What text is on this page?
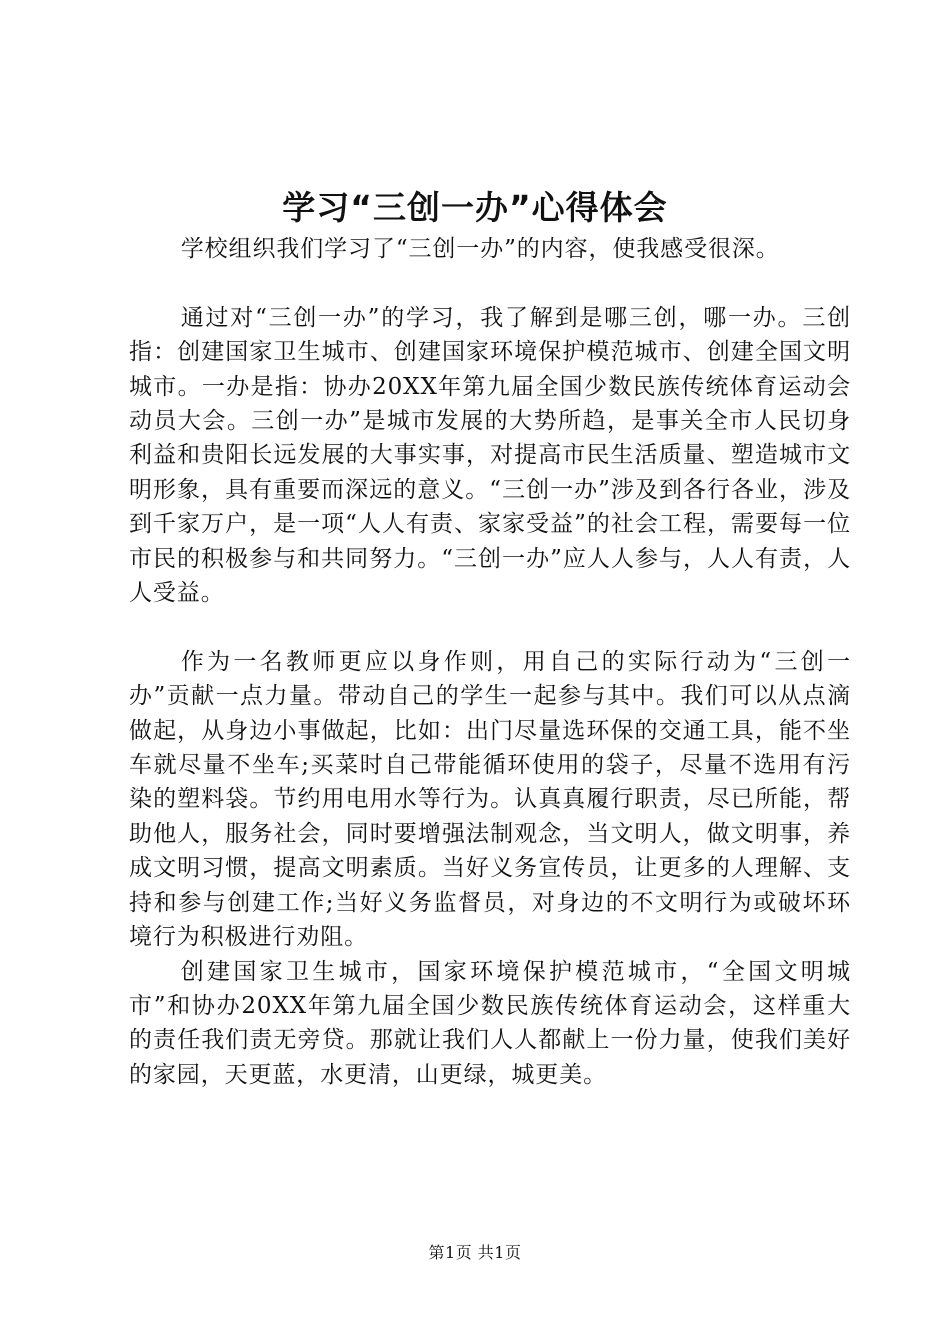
学习“三创一办”心得体会

学校组织我们学习了“三创一办”的内容，使我感受很深。

通过对“三创一办”的学习，我了解到是哪三创，哪一办。三创指：创建国家卫生城市、创建国家环境保护模范城市、创建全国文明城市。一办是指：协办20XX年第九届全国少数民族传统体育运动会动员大会。三创一办”是城市发展的大势所趋，是事关全市人民切身利益和贵阳长远发展的大事实事，对提高市民生活质量、塑造城市文明形象，具有重要而深远的意义。“三创一办”涉及到各行各业，涉及到千家万户，是一项“人人有责、家家受益”的社会工程，需要每一位市民的积极参与和共同努力。“三创一办”应人人参与，人人有责，人人受益。

作为一名教师更应以身作则，用自己的实际行动为“三创一办”贡献一点力量。带动自己的学生一起参与其中。我们可以从点滴做起，从身边小事做起，比如：出门尽量选环保的交通工具，能不坐车就尽量不坐车;买菜时自己带能循环使用的袋子，尽量不选用有污染的塑料袋。节约用电用水等行为。认真真履行职责，尽已所能，帮助他人，服务社会，同时要增强法制观念，当文明人，做文明事，养成文明习惯，提高文明素质。当好义务宣传员，让更多的人理解、支持和参与创建工作;当好义务监督员，对身边的不文明行为或破坏环境行为积极进行劝阻。

创建国家卫生城市，国家环境保护模范城市，“全国文明城市”和协办20XX年第九届全国少数民族传统体育运动会，这样重大的责任我们责无旁贷。那就让我们人人都献上一份力量，使我们美好的家园，天更蓝，水更清，山更绿，城更美。

第1页 共1页
